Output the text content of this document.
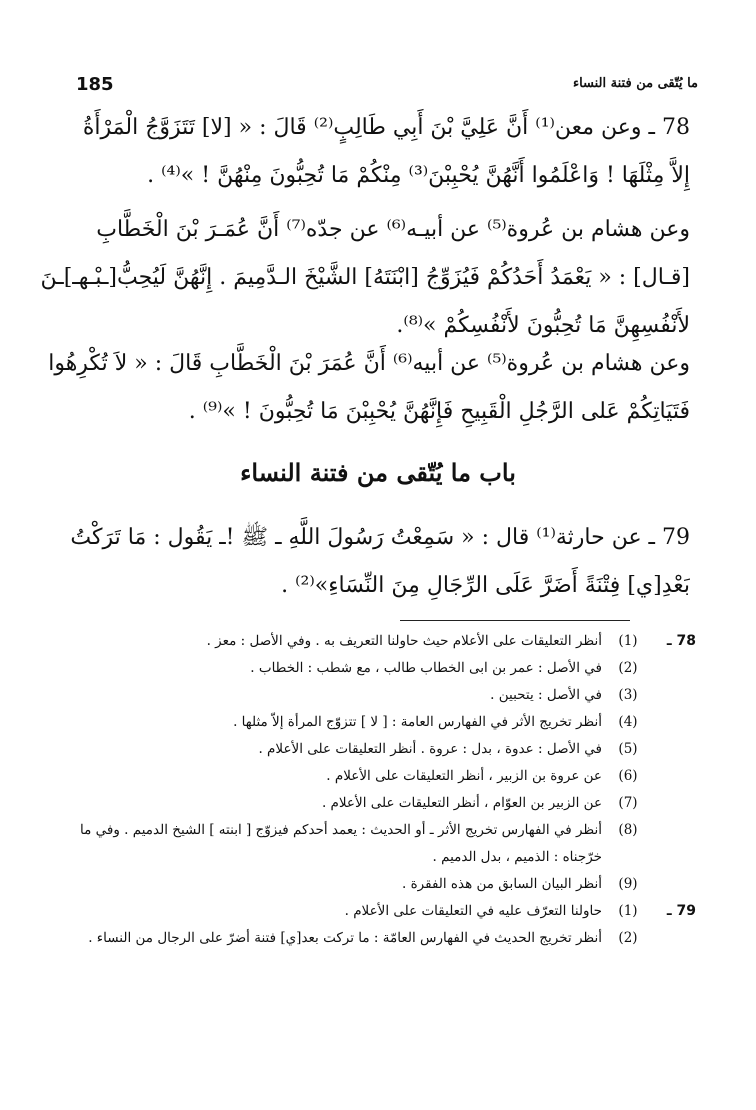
185	ما يُتّقى من فتنة النساء
78 ـ وعن معن⁽¹⁾ أَنَّ عَلِيَّ بْنَ أَبِي طَالِبٍ⁽²⁾ قَالَ : « [لا] تَتَزَوَّجُ الْمَرْأَةُ
إِلاَّ مِثْلَهَا ! وَاعْلَمُوا أَنَّهُنَّ يُحْبِبْنَ⁽³⁾ مِنْكُمْ مَا تُحِبُّونَ مِنْهُنَّ ! »⁽⁴⁾ .
وعن هشام بن عُروة⁽⁵⁾ عن أبيـه⁽⁶⁾ عن جدّه⁽⁷⁾ أَنَّ عُمَـرَ بْنَ الْخَطَّابِ
[قـال] : « يَعْمَدُ أَحَدُكُمْ فَيُزَوِّجُ [ابْنَتَهُ] الشَّيْخَ الـدَّمِيمَ . إِنَّهُنَّ لَيُحِبُّ[ـبْـهـ]ـنَ
لأَنْفُسِهِنَّ مَا تُحِبُّونَ لأَنْفُسِكُمْ »⁽⁸⁾.
وعن هشام بن عُروة⁽⁵⁾ عن أبيه⁽⁶⁾ أَنَّ عُمَرَ بْنَ الْخَطَّابِ قَالَ : « لاَ تُكْرِهُوا
فَتَيَاتِكُمْ عَلى الرَّجُلِ الْقَبِيحِ فَإِنَّهُنَّ يُحْبِبْنَ مَا تُحِبُّونَ ! »⁽⁹⁾ .
باب ما يُتّقى من فتنة النساء
79 ـ عن حارثة⁽¹⁾ قال : « سَمِعْتُ رَسُولَ اللَّهِ ـ ﷺ !ـ يَقُول : مَا تَرَكْتُ
بَعْدِ[ي] فِتْنَةً أَضَرَّ عَلَى الرِّجَالِ مِنَ النِّسَاءِ»⁽²⁾ .
78 ـ
(1)
أنظر التعليقات على الأعلام حيث حاولنا التعريف به . وفي الأصل : معز .
(2)
في الأصل : عمر بن ابى الخطاب طالب ، مع شطب : الخطاب .
(3)
في الأصل : يتحبين .
(4)
أنظر تخريج الأثر في الفهارس العامة : [ لا ] تتزوّج المرأة إلاّ مثلها .
(5)
في الأصل : عدوة ، بدل : عروة . أنظر التعليقات على الأعلام .
(6)
عن عروة بن الزبير ، أنظر التعليقات على الأعلام .
(7)
عن الزبير بن العوّام ، أنظر التعليقات على الأعلام .
(8)
أنظر في الفهارس تخريج الأثر ـ أو الحديث : يعمد أحدكم فيزوّج [ ابنته ] الشيخ الدميم . وفي ما خرّجناه : الذميم ، بدل الدميم .
(9)
أنظر البيان السابق من هذه الفقرة .
79 ـ
(1)
حاولنا التعرّف عليه في التعليقات على الأعلام .
(2)
أنظر تخريج الحديث في الفهارس العامّة : ما تركت بعد[ي] فتنة أضرّ على الرجال من النساء .
